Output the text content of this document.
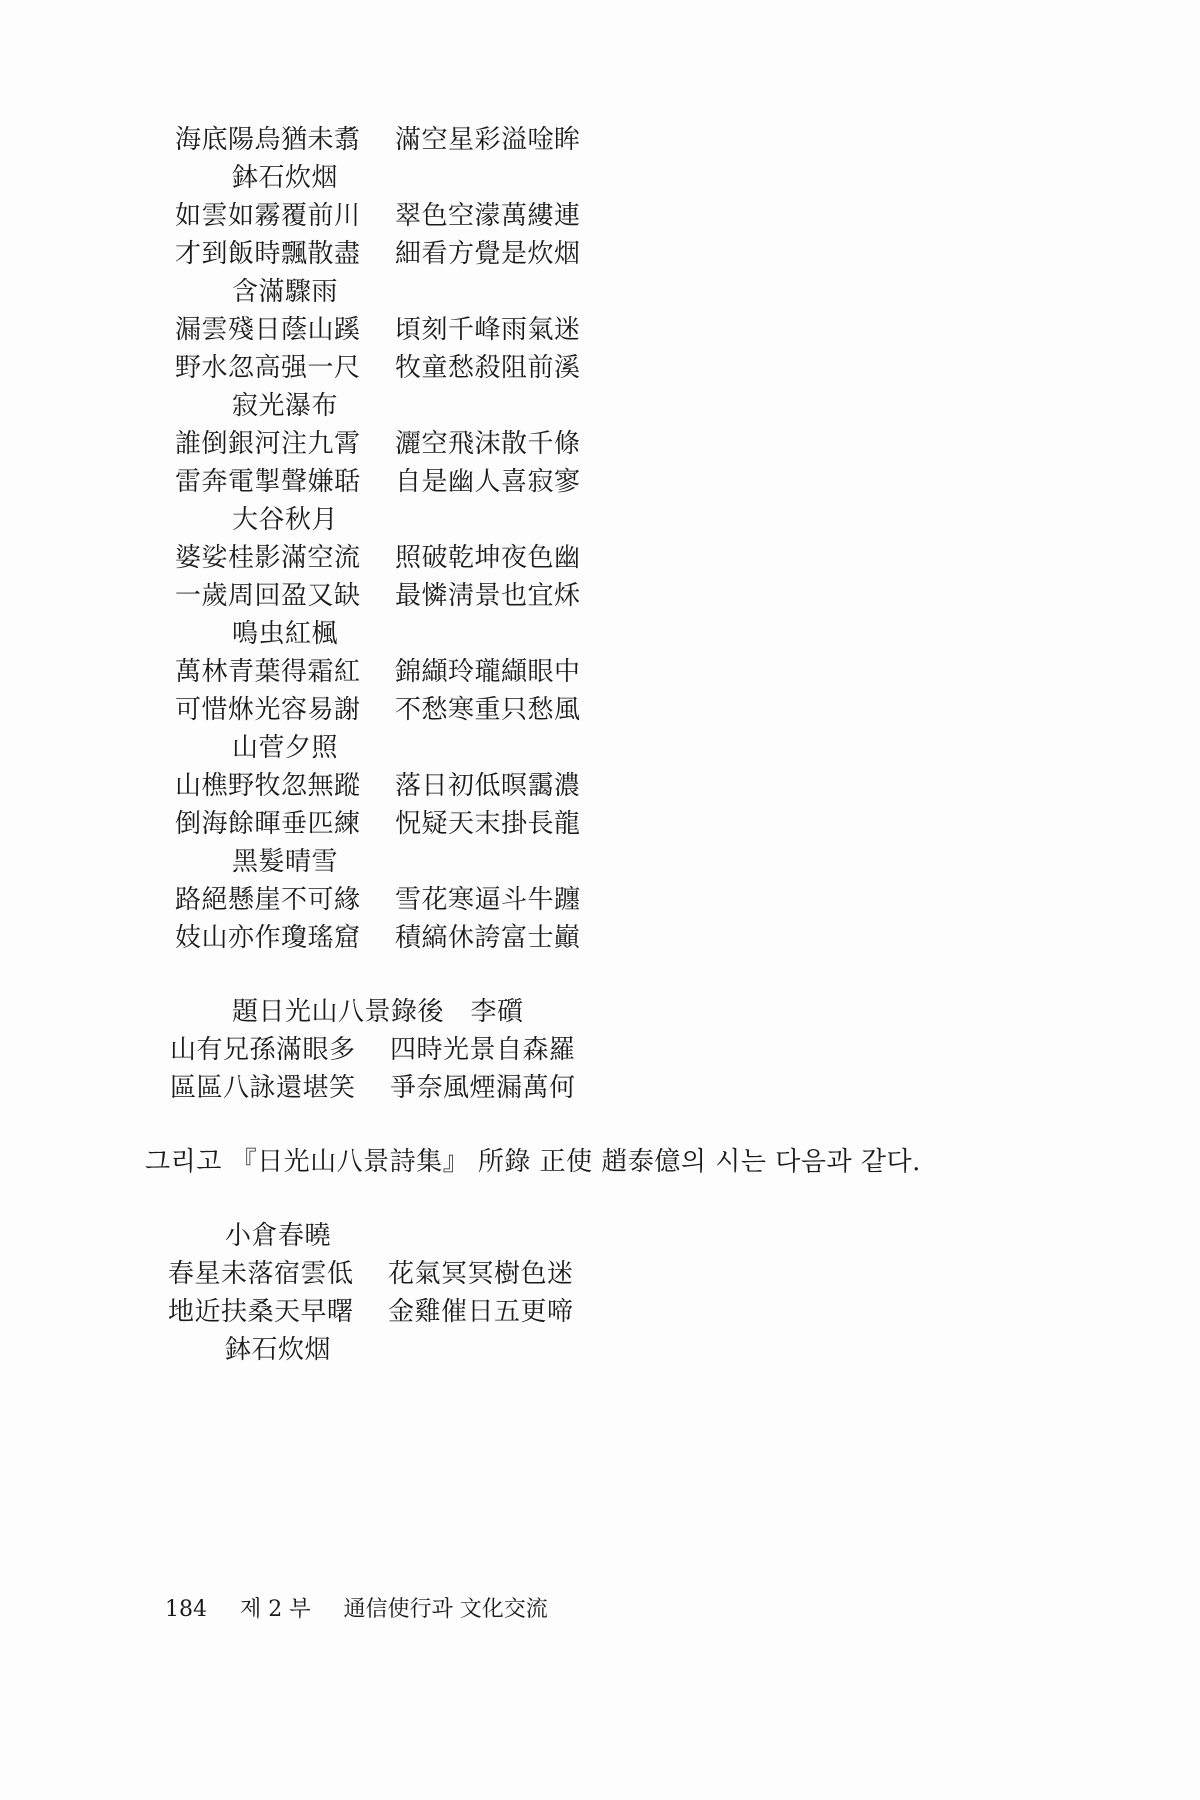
海底陽烏猶未翥 滿空星彩溢唫眸
鉢石炊烟
如雲如霧覆前川 翠色空濛萬縷連
才到飯時飄散盡 細看方覺是炊烟
含滿驟雨
漏雲殘日蔭山蹊 頃刻千峰雨氣迷
野水忽高强一尺 牧童愁殺阻前溪
寂光瀑布
誰倒銀河注九霄 灑空飛沫散千條
雷奔電掣聲嫌聒 自是幽人喜寂寥
大谷秋月
婆娑桂影滿空流 照破乾坤夜色幽
一歲周回盈又缺 最憐淸景也宜秌
鳴虫紅楓
萬林青葉得霜紅 錦纈玲瓏纈眼中
可惜烌光容易謝 不愁寒重只愁風
山菅夕照
山樵野牧忽無蹤 落日初低暝靄濃
倒海餘暉垂匹練 怳疑天末掛長龍
黑髮晴雪
路絕懸崖不可緣 雪花寒逼斗牛躔
妓山亦作瓊瑤窟 積縞休誇富士巓
題日光山八景錄後　李礩
山有兄孫滿眼多 四時光景自森羅
區區八詠還堪笑 爭奈風煙漏萬何
그리고 『日光山八景詩集』 所錄 正使 趙泰億의 시는 다음과 같다.
小倉春曉
春星未落宿雲低 花氣冥冥樹色迷
地近扶桑天早曙 金雞催日五更啼
鉢石炊烟
184 제 2 부 通信使行과 文化交流
